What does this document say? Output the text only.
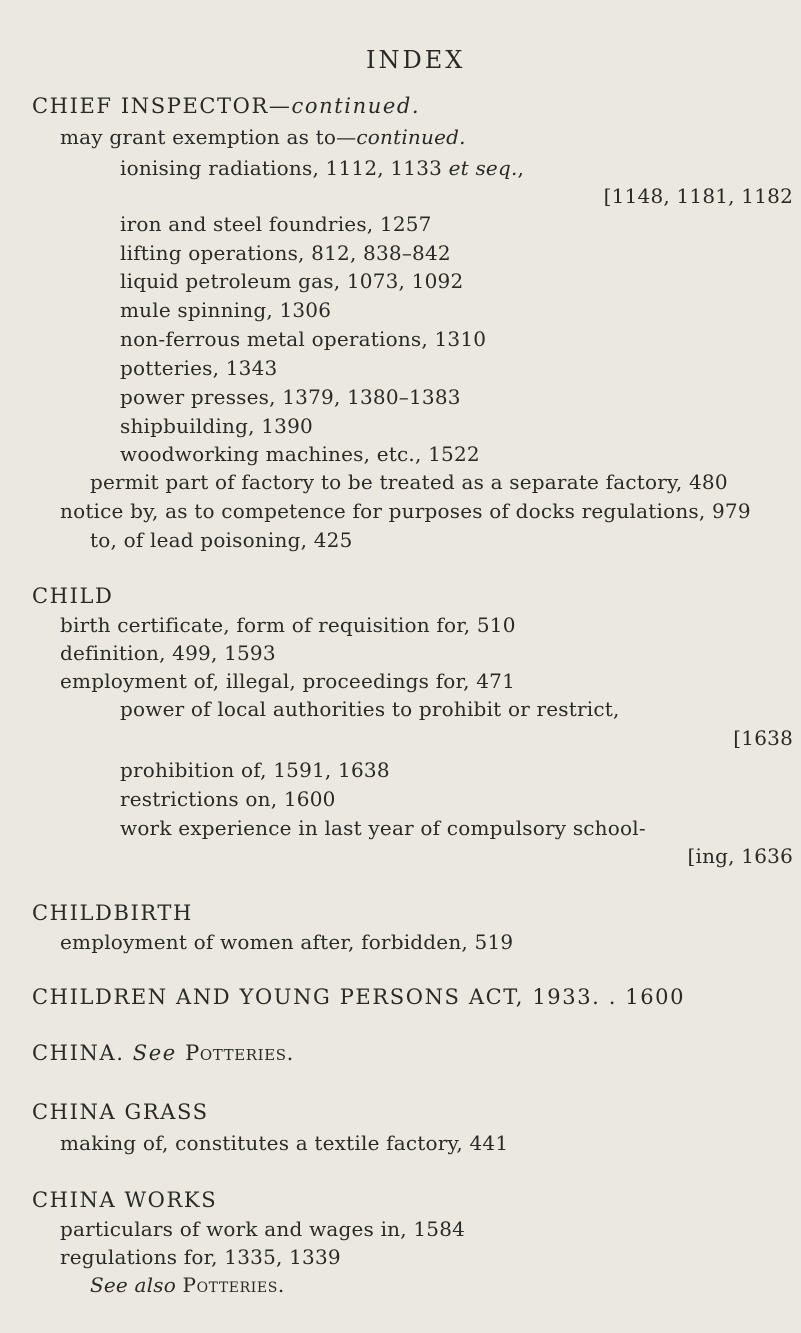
INDEX
CHIEF INSPECTOR—continued.
may grant exemption as to—continued.
ionising radiations, 1112, 1133 et seq.,
[1148, 1181, 1182
iron and steel foundries, 1257
lifting operations, 812, 838–842
liquid petroleum gas, 1073, 1092
mule spinning, 1306
non-ferrous metal operations, 1310
potteries, 1343
power presses, 1379, 1380–1383
shipbuilding, 1390
woodworking machines, etc., 1522
permit part of factory to be treated as a separate factory, 480
notice by, as to competence for purposes of docks regulations, 979
to, of lead poisoning, 425
CHILD
birth certificate, form of requisition for, 510
definition, 499, 1593
employment of, illegal, proceedings for, 471
power of local authorities to prohibit or restrict,
[1638
prohibition of, 1591, 1638
restrictions on, 1600
work experience in last year of compulsory school-
[ing, 1636
CHILDBIRTH
employment of women after, forbidden, 519
CHILDREN AND YOUNG PERSONS ACT, 1933. . 1600
CHINA. See Potteries.
CHINA GRASS
making of, constitutes a textile factory, 441
CHINA WORKS
particulars of work and wages in, 1584
regulations for, 1335, 1339
See also Potteries.
